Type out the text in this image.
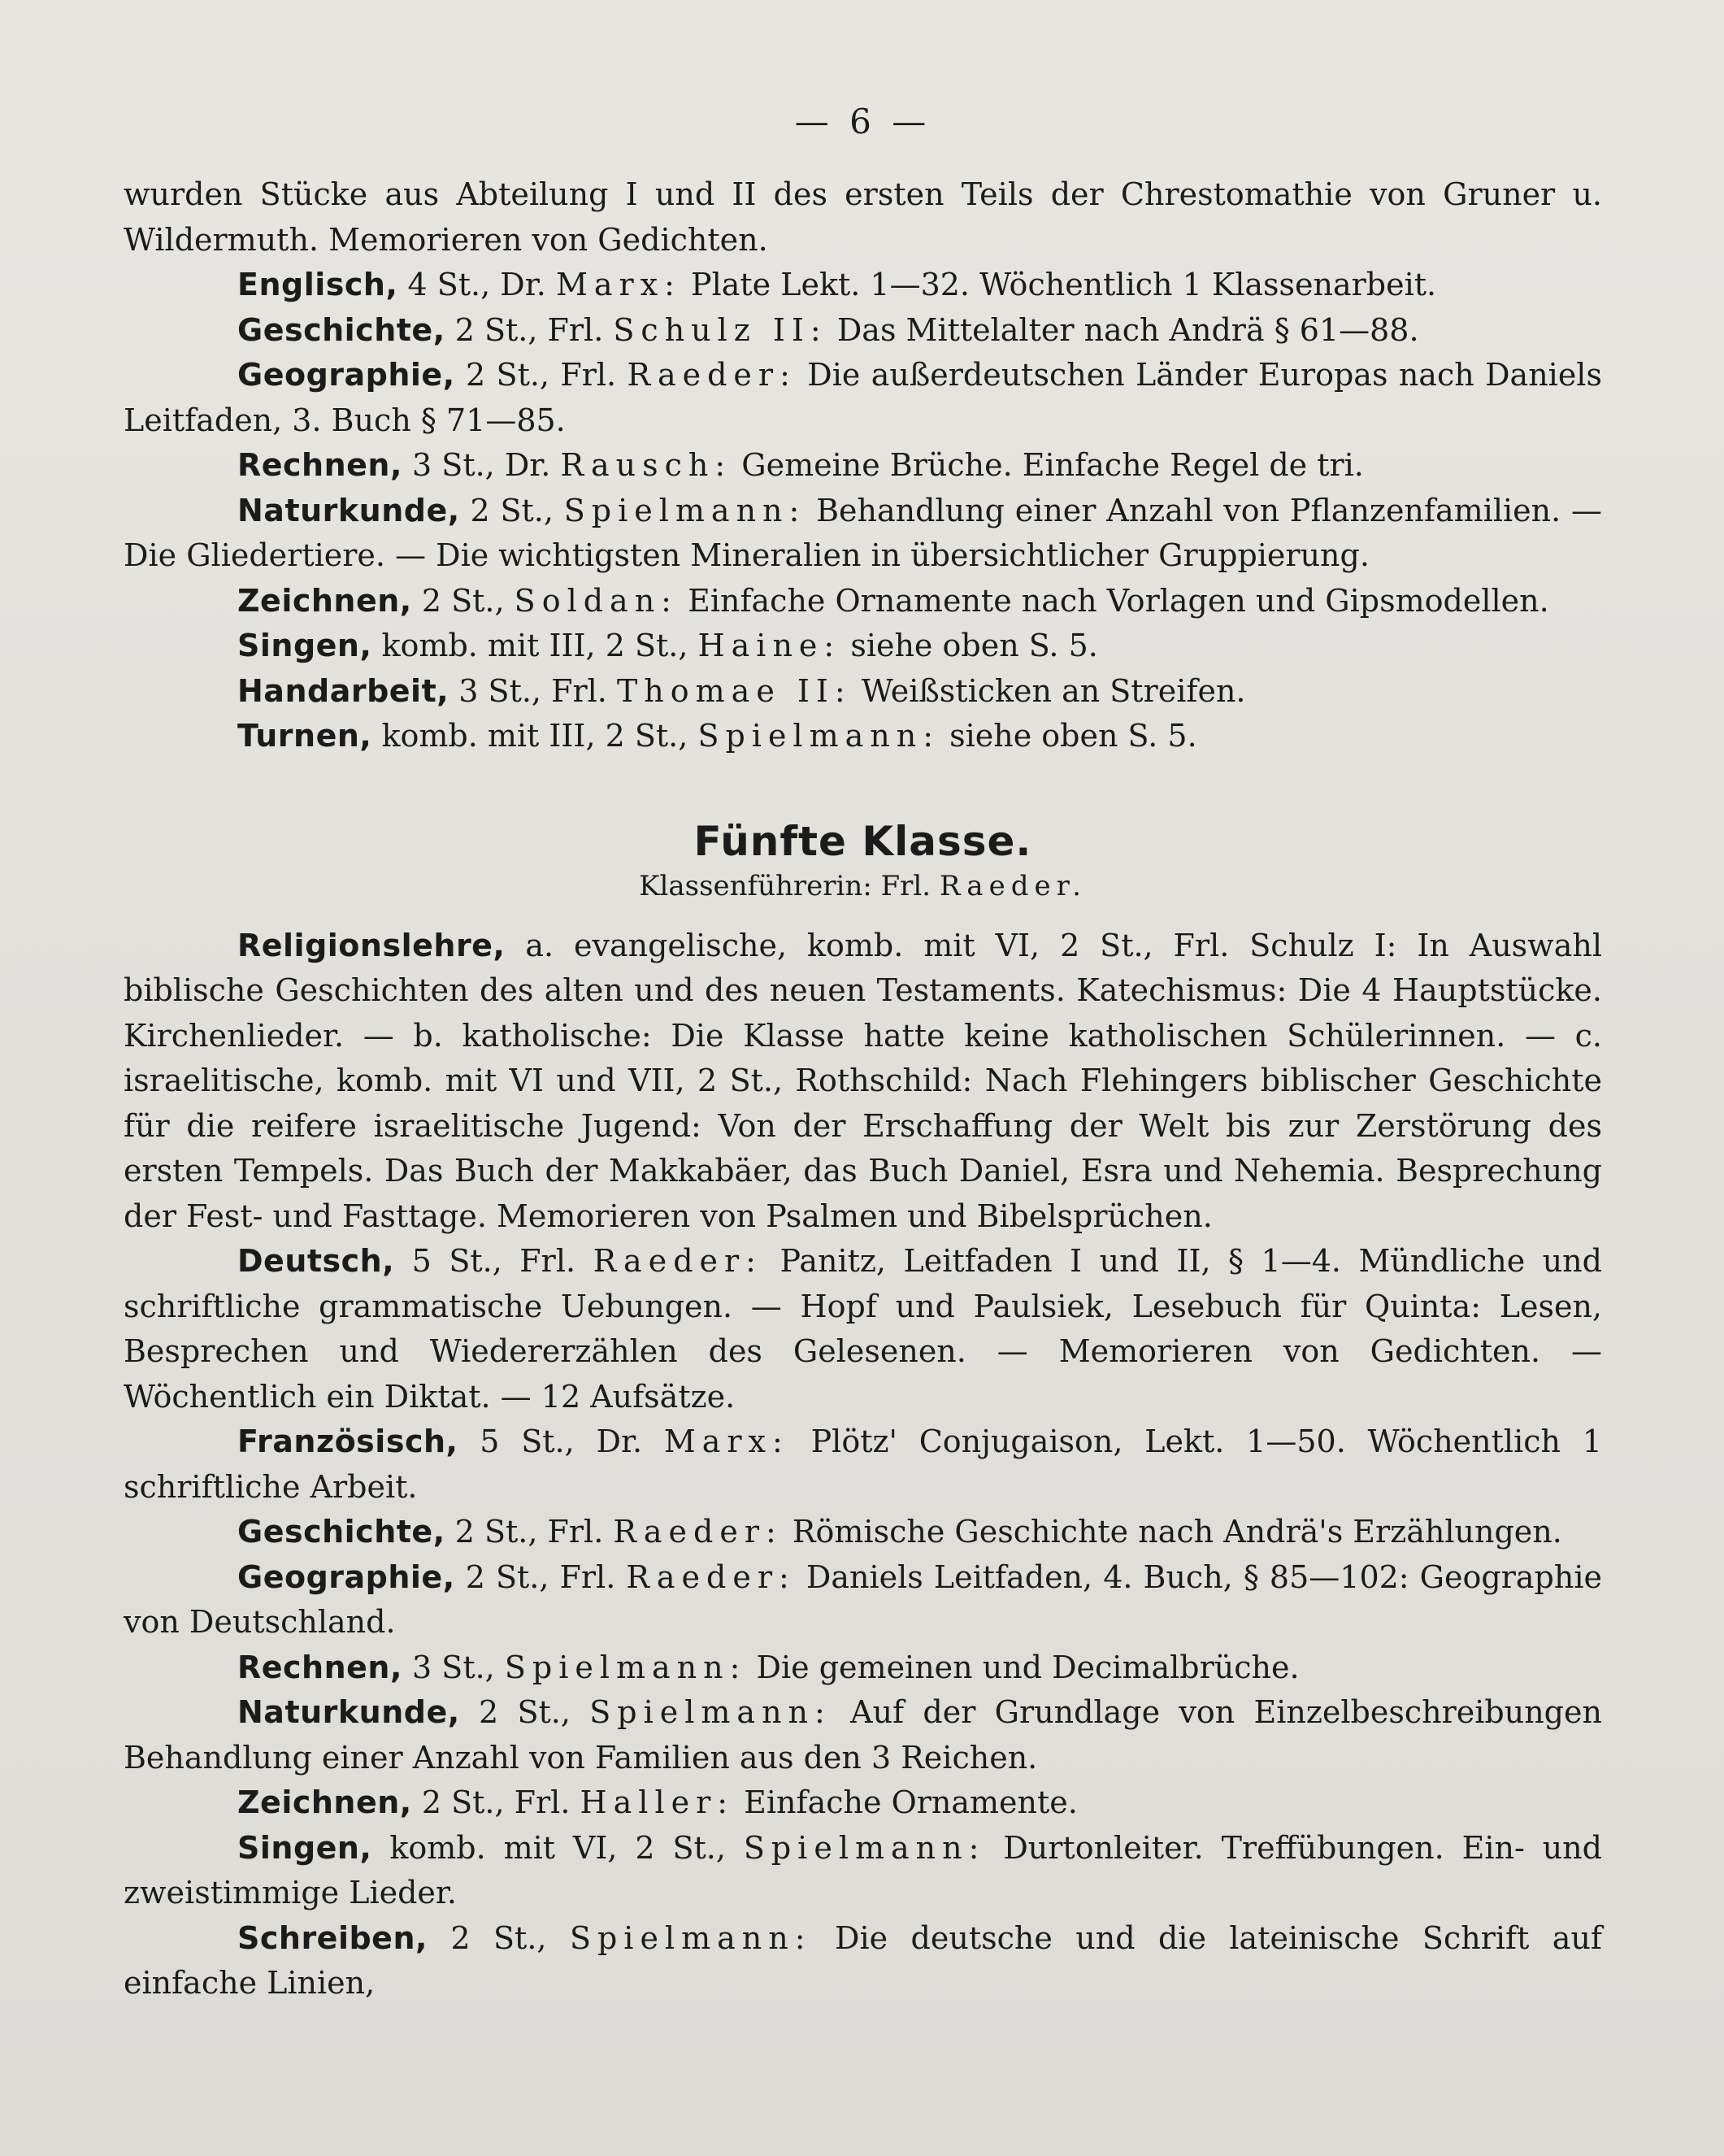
— 6 —

wurden Stücke aus Abteilung I und II des ersten Teils der Chrestomathie von Gruner u. Wildermuth. Memorieren von Gedichten.

Englisch, 4 St., Dr. Marx: Plate Lekt. 1—32. Wöchentlich 1 Klassenarbeit.

Geschichte, 2 St., Frl. Schulz II: Das Mittelalter nach Andrä § 61—88.

Geographie, 2 St., Frl. Raeder: Die außerdeutschen Länder Europas nach Daniels Leitfaden, 3. Buch § 71—85.

Rechnen, 3 St., Dr. Rausch: Gemeine Brüche. Einfache Regel de tri.

Naturkunde, 2 St., Spielmann: Behandlung einer Anzahl von Pflanzenfamilien. — Die Gliedertiere. — Die wichtigsten Mineralien in übersichtlicher Gruppierung.

Zeichnen, 2 St., Soldan: Einfache Ornamente nach Vorlagen und Gipsmodellen.

Singen, komb. mit III, 2 St., Haine: siehe oben S. 5.

Handarbeit, 3 St., Frl. Thomae II: Weißsticken an Streifen.

Turnen, komb. mit III, 2 St., Spielmann: siehe oben S. 5.

Fünfte Klasse.
Klassenführerin: Frl. Raeder.

Religionslehre, a. evangelische, komb. mit VI, 2 St., Frl. Schulz I: In Auswahl biblische Geschichten des alten und des neuen Testaments. Katechismus: Die 4 Hauptstücke. Kirchenlieder. — b. katholische: Die Klasse hatte keine katholischen Schülerinnen. — c. israelitische, komb. mit VI und VII, 2 St., Rothschild: Nach Flehingers biblischer Geschichte für die reifere israelitische Jugend: Von der Erschaffung der Welt bis zur Zerstörung des ersten Tempels. Das Buch der Makkabäer, das Buch Daniel, Esra und Nehemia. Besprechung der Fest- und Fasttage. Memorieren von Psalmen und Bibelsprüchen.

Deutsch, 5 St., Frl. Raeder: Panitz, Leitfaden I und II, § 1—4. Mündliche und schriftliche grammatische Uebungen. — Hopf und Paulsiek, Lesebuch für Quinta: Lesen, Besprechen und Wiedererzählen des Gelesenen. — Memorieren von Gedichten. — Wöchentlich ein Diktat. — 12 Aufsätze.

Französisch, 5 St., Dr. Marx: Plötz' Conjugaison, Lekt. 1—50. Wöchentlich 1 schriftliche Arbeit.

Geschichte, 2 St., Frl. Raeder: Römische Geschichte nach Andrä's Erzählungen.

Geographie, 2 St., Frl. Raeder: Daniels Leitfaden, 4. Buch, § 85—102: Geographie von Deutschland.

Rechnen, 3 St., Spielmann: Die gemeinen und Decimalbrüche.

Naturkunde, 2 St., Spielmann: Auf der Grundlage von Einzelbeschreibungen Behandlung einer Anzahl von Familien aus den 3 Reichen.

Zeichnen, 2 St., Frl. Haller: Einfache Ornamente.

Singen, komb. mit VI, 2 St., Spielmann: Durtonleiter. Treffübungen. Ein- und zweistimmige Lieder.

Schreiben, 2 St., Spielmann: Die deutsche und die lateinische Schrift auf einfache Linien,
